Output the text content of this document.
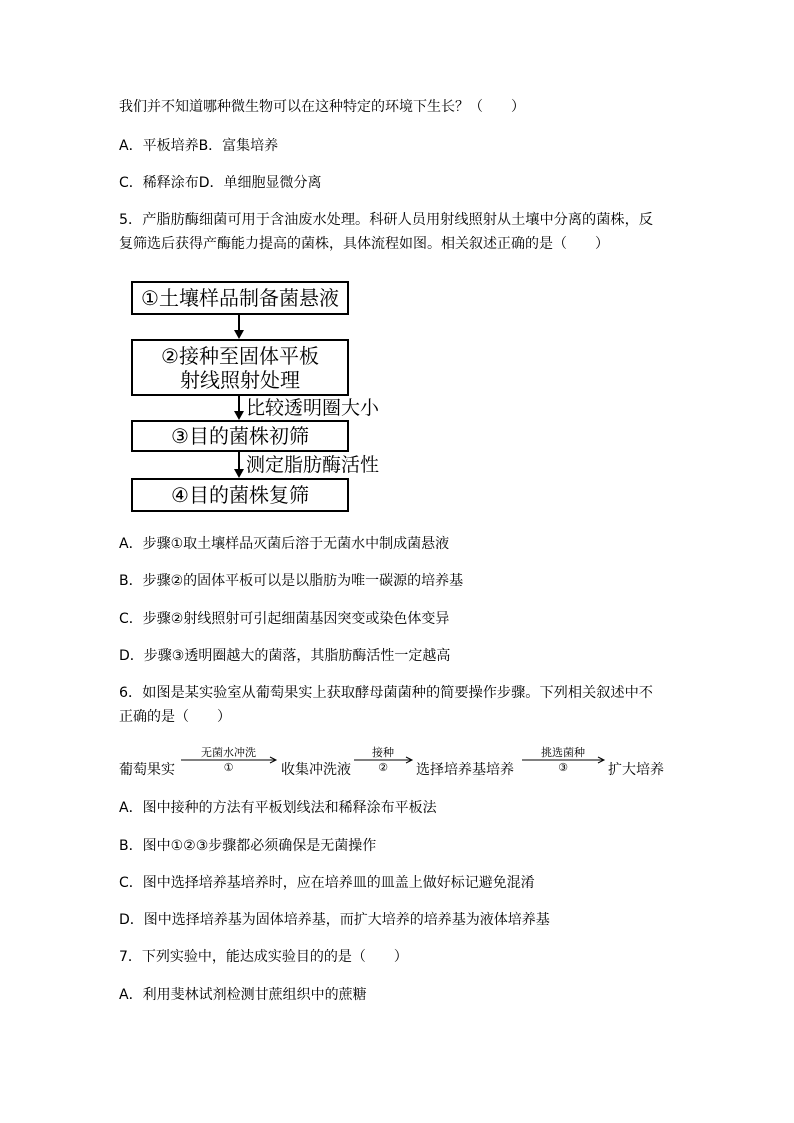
我们并不知道哪种微生物可以在这种特定的环境下生长？（　　）
A．平板培养B．富集培养
C．稀释涂布D．单细胞显微分离
5．产脂肪酶细菌可用于含油废水处理。科研人员用射线照射从土壤中分离的菌株，反
复筛选后获得产酶能力提高的菌株，具体流程如图。相关叙述正确的是（　　）
①土壤样品制备菌悬液
②接种至固体平板
射线照射处理
比较透明圈大小
③目的菌株初筛
测定脂肪酶活性
④目的菌株复筛
A．步骤①取土壤样品灭菌后溶于无菌水中制成菌悬液
B．步骤②的固体平板可以是以脂肪为唯一碳源的培养基
C．步骤②射线照射可引起细菌基因突变或染色体变异
D．步骤③透明圈越大的菌落，其脂肪酶活性一定越高
6．如图是某实验室从葡萄果实上获取酵母菌菌种的简要操作步骤。下列相关叙述中不
正确的是（　　）
葡萄果实
无菌水冲洗
①	收集冲洗液
接种
②	选择培养基培养
挑选菌种
③	扩大培养
A．图中接种的方法有平板划线法和稀释涂布平板法
B．图中①②③步骤都必须确保是无菌操作
C．图中选择培养基培养时，应在培养皿的皿盖上做好标记避免混淆
D．图中选择培养基为固体培养基，而扩大培养的培养基为液体培养基
7．下列实验中，能达成实验目的的是（　　）
A．利用斐林试剂检测甘蔗组织中的蔗糖
